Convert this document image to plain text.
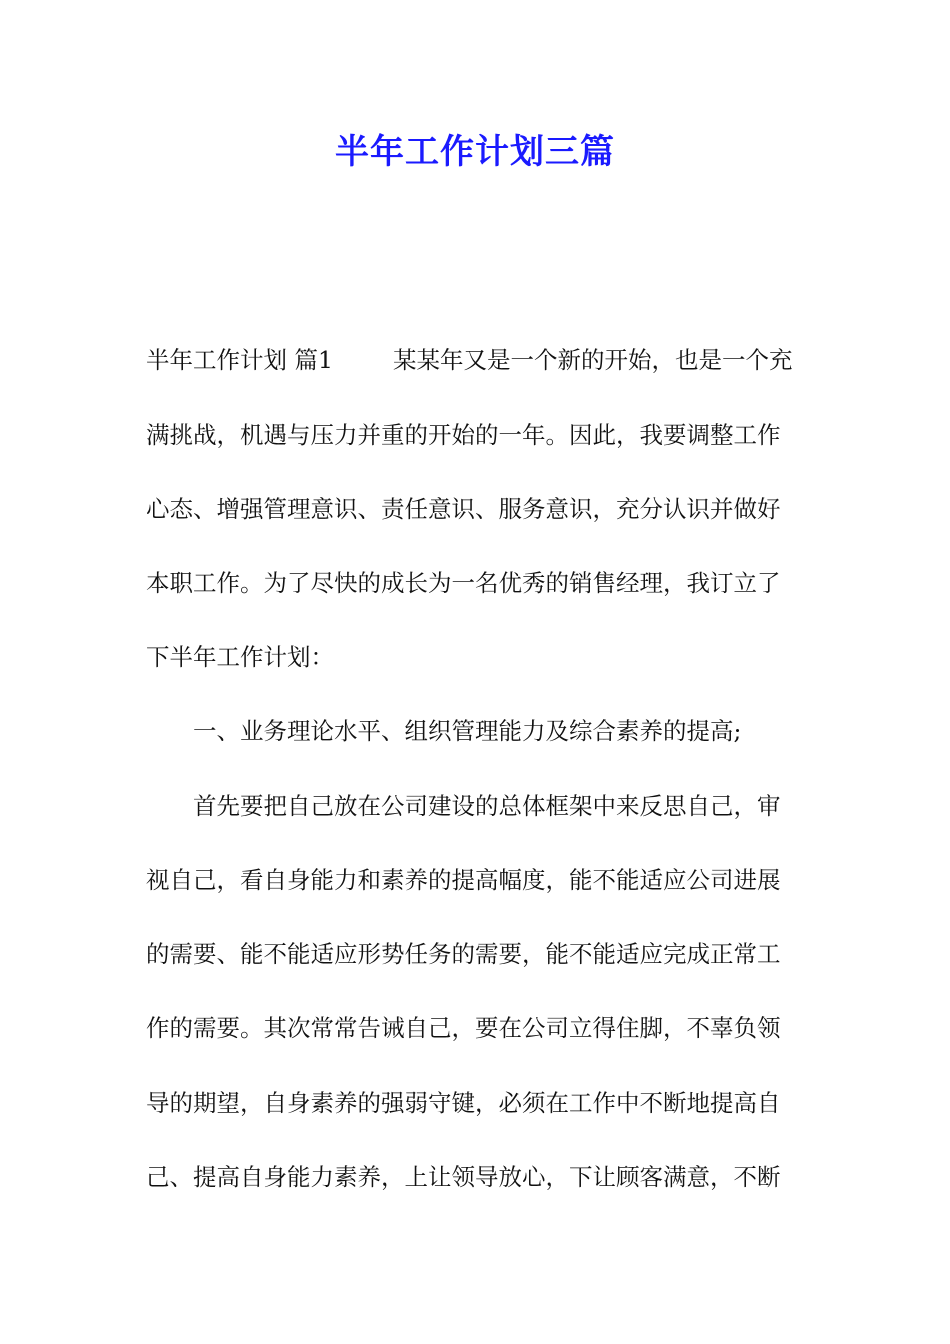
半年工作计划三篇
半年工作计划 篇1	某某年又是一个新的开始，也是一个充
满挑战，机遇与压力并重的开始的一年。因此，我要调整工作
心态、增强管理意识、责任意识、服务意识，充分认识并做好
本职工作。为了尽快的成长为一名优秀的销售经理，我订立了
下半年工作计划：
一、业务理论水平、组织管理能力及综合素养的提高;
首先要把自己放在公司建设的总体框架中来反思自己，审
视自己，看自身能力和素养的提高幅度，能不能适应公司进展
的需要、能不能适应形势任务的需要，能不能适应完成正常工
作的需要。其次常常告诫自己，要在公司立得住脚，不辜负领
导的期望，自身素养的强弱守键，必须在工作中不断地提高自
己、提高自身能力素养，上让领导放心，下让顾客满意，不断
